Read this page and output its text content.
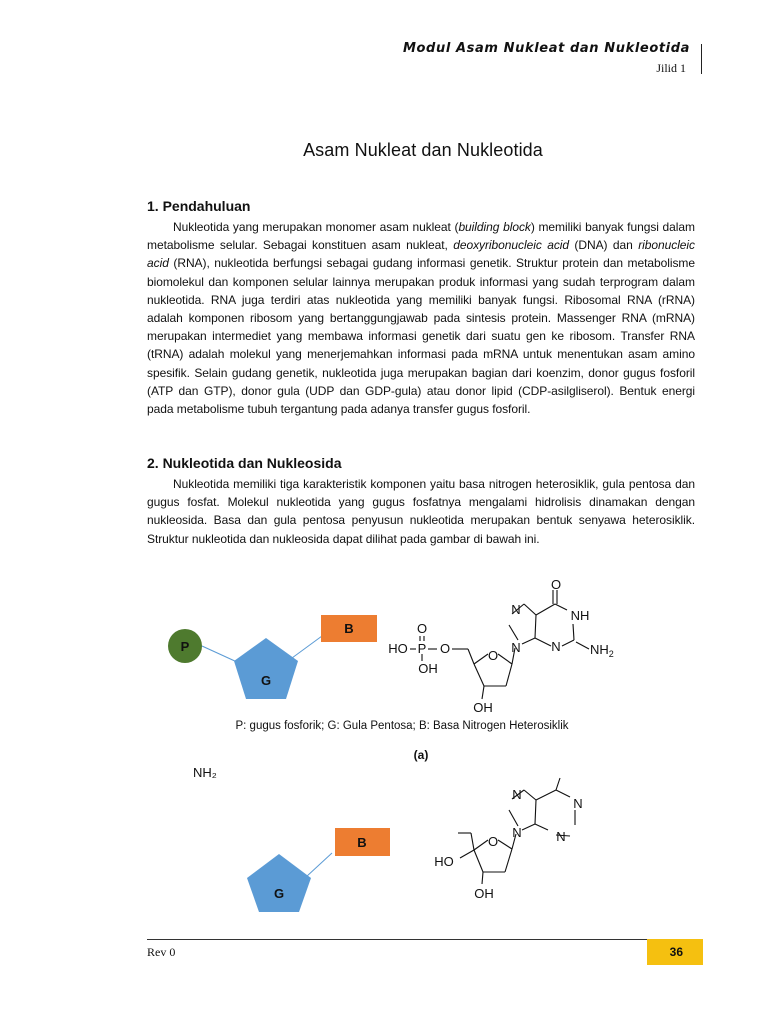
Modul Asam Nukleat dan Nukleotida
Jilid 1
Asam Nukleat dan Nukleotida
1. Pendahuluan
Nukleotida yang merupakan monomer asam nukleat (building block) memiliki banyak fungsi dalam metabolisme selular. Sebagai konstituen asam nukleat, deoxyribonucleic acid (DNA) dan ribonucleic acid (RNA), nukleotida berfungsi sebagai gudang informasi genetik. Struktur protein dan metabolisme biomolekul dan komponen selular lainnya merupakan produk informasi yang sudah terprogram dalam nukleotida. RNA juga terdiri atas nukleotida yang memiliki banyak fungsi. Ribosomal RNA (rRNA) adalah komponen ribosom yang bertanggungjawab pada sintesis protein. Massenger RNA (mRNA) merupakan intermediet yang membawa informasi genetik dari suatu gen ke ribosom. Transfer RNA (tRNA) adalah molekul yang menerjemahkan informasi pada mRNA untuk menentukan asam amino spesifik. Selain gudang genetik, nukleotida juga merupakan bagian dari koenzim, donor gugus fosforil (ATP dan GTP), donor gula (UDP dan GDP-gula) atau donor lipid (CDP-asilgliserol). Bentuk energi pada metabolisme tubuh tergantung pada adanya transfer gugus fosforil.
2. Nukleotida dan Nukleosida
Nukleotida memiliki tiga karakteristik komponen yaitu basa nitrogen heterosiklik, gula pentosa dan gugus fosfat. Molekul nukleotida yang gugus fosfatnya mengalami hidrolisis dinamakan dengan nukleosida. Basa dan gula pentosa penyusun nukleotida merupakan bentuk senyawa heterosiklik. Struktur nukleotida dan nukleosida dapat dilihat pada gambar di bawah ini.
P
G
B
HO P
O
O
OH
O
OH
N
N
O
NH
N $NH_2$
G
B
HO
O
OH
N
N
N
N
P: gugus fosforik; G: Gula Pentosa; B: Basa Nitrogen Heterosiklik
(a)
NH₂
Rev 0	36
